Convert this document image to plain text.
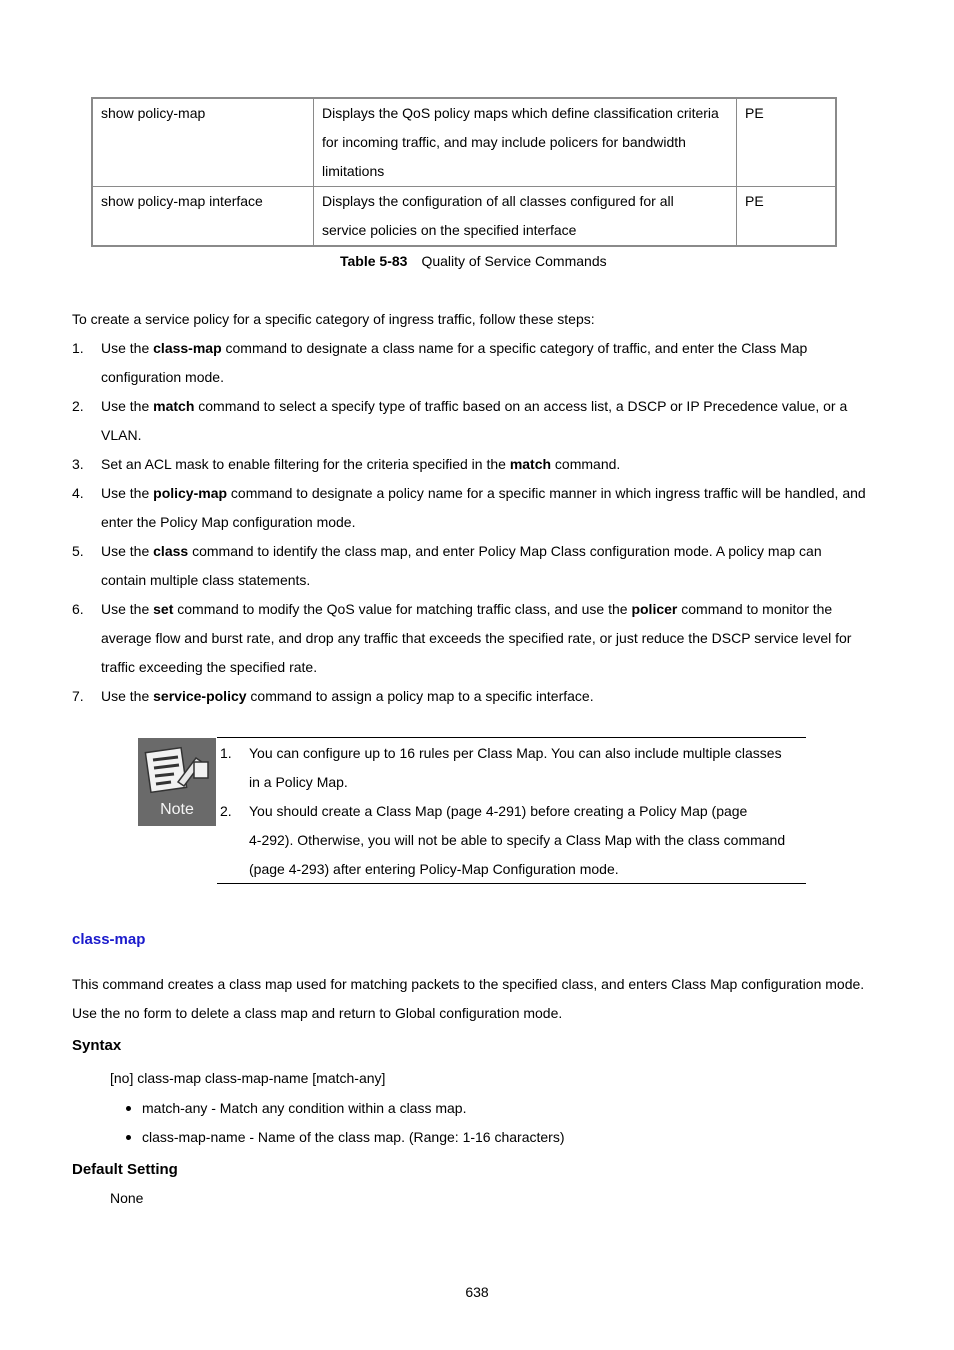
show policy-map	Displays the QoS policy maps which define classification criteria
for incoming traffic, and may include policers for bandwidth
limitations	PE
show policy-map interface	Displays the configuration of all classes configured for all
service policies on the specified interface	PE
Table 5-83 Quality of Service Commands
To create a service policy for a specific category of ingress traffic, follow these steps:
1. Use the class-map command to designate a class name for a specific category of traffic, and enter the Class Map
configuration mode.
2. Use the match command to select a specify type of traffic based on an access list, a DSCP or IP Precedence value, or a
VLAN.
3. Set an ACL mask to enable filtering for the criteria specified in the match command.
4. Use the policy-map command to designate a policy name for a specific manner in which ingress traffic will be handled, and
enter the Policy Map configuration mode.
5. Use the class command to identify the class map, and enter Policy Map Class configuration mode. A policy map can
contain multiple class statements.
6. Use the set command to modify the QoS value for matching traffic class, and use the policer command to monitor the
average flow and burst rate, and drop any traffic that exceeds the specified rate, or just reduce the DSCP service level for
traffic exceeding the specified rate.
7. Use the service-policy command to assign a policy map to a specific interface.
Note
1. You can configure up to 16 rules per Class Map. You can also include multiple classes
in a Policy Map.
2. You should create a Class Map (page 4-291) before creating a Policy Map (page
4-292). Otherwise, you will not be able to specify a Class Map with the class command
(page 4-293) after entering Policy-Map Configuration mode.
class-map
This command creates a class map used for matching packets to the specified class, and enters Class Map configuration mode.
Use the no form to delete a class map and return to Global configuration mode.
Syntax
[no] class-map class-map-name [match-any]
match-any - Match any condition within a class map.
class-map-name - Name of the class map. (Range: 1-16 characters)
Default Setting
None
638
